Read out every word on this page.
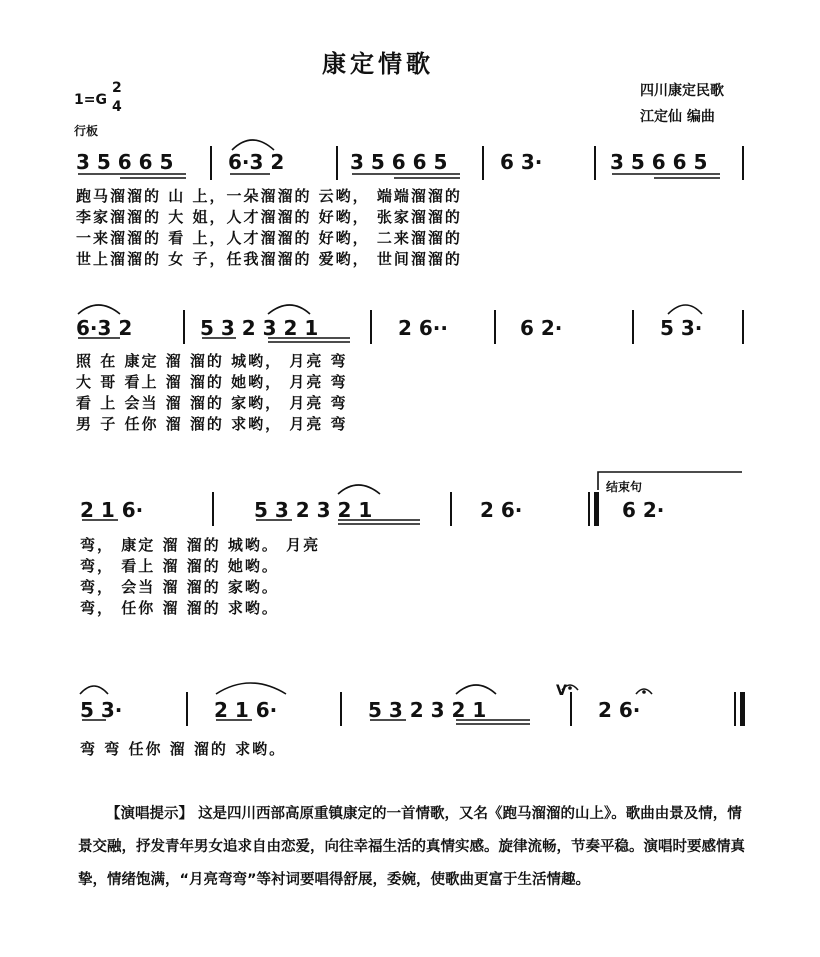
康定情歌
四川康定民歌
江定仙 编曲
1=G
2
4
行板
3 5 6 6 5	6·3 2	3 5 6 6 5	6 3·	3 5 6 6 5
跑马溜溜的 山 上，一朵溜溜的 云哟， 端端溜溜的
李家溜溜的 大 姐，人才溜溜的 好哟， 张家溜溜的
一来溜溜的 看 上，人才溜溜的 好哟， 二来溜溜的
世上溜溜的 女 子，任我溜溜的 爱哟， 世间溜溜的
6·3 2	5 3 2 3 2 1	2 6··	6 2·	5 3·
照 在 康定 溜 溜的 城哟， 月亮 弯
大 哥 看上 溜 溜的 她哟， 月亮 弯
看 上 会当 溜 溜的 家哟， 月亮 弯
男 子 任你 溜 溜的 求哟， 月亮 弯
结束句
2 1 6·	5 3 2 3 2 1	2 6·	6 2·
弯， 康定 溜 溜的 城哟。 月亮
弯， 看上 溜 溜的 她哟。
弯， 会当 溜 溜的 家哟。
弯， 任你 溜 溜的 求哟。
V
5 3·	2 1 6·	5 3 2 3 2 1	2 6·
弯 弯 任你 溜 溜的 求哟。
【演唱提示】 这是四川西部高原重镇康定的一首情歌，又名《跑马溜溜的山上》。歌曲由景及情，情景交融，抒发青年男女追求自由恋爱，向往幸福生活的真情实感。旋律流畅，节奏平稳。演唱时要感情真挚，情绪饱满，“月亮弯弯”等衬词要唱得舒展，委婉，使歌曲更富于生活情趣。
